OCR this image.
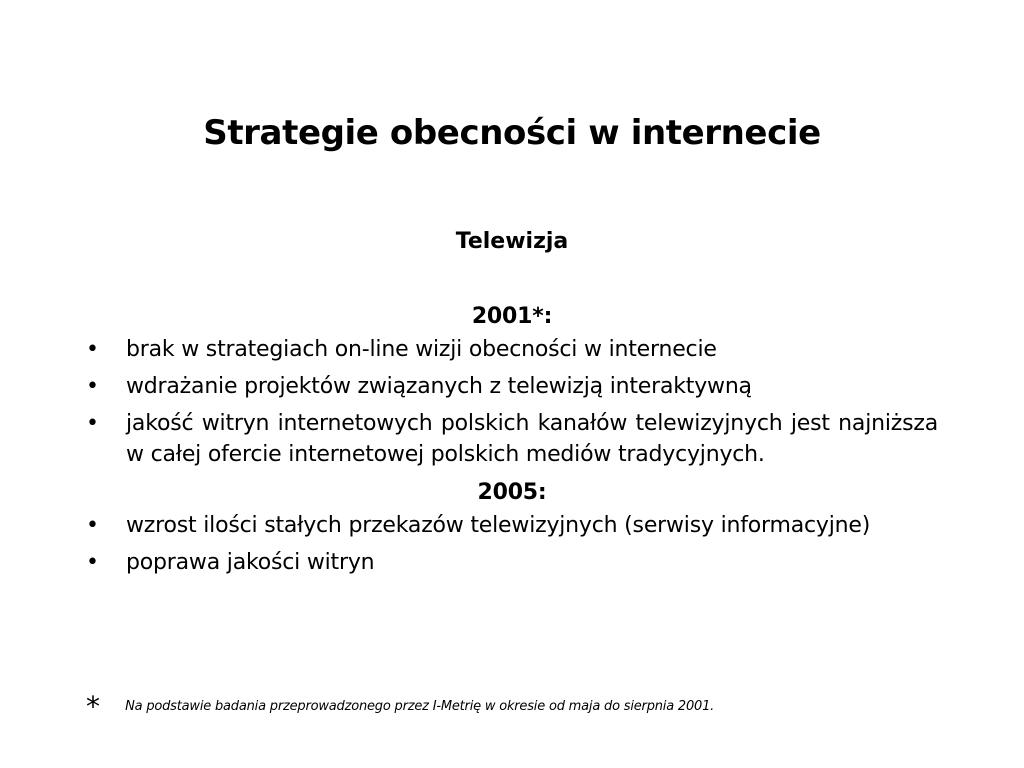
Strategie obecności w internecie
Telewizja
2001*:
•	brak w strategiach on-line wizji obecności w internecie
•	wdrażanie projektów związanych z telewizją interaktywną
•	jakość witryn internetowych polskich kanałów telewizyjnych jest najniższa w całej ofercie internetowej polskich mediów tradycyjnych.
2005:
•	wzrost ilości stałych przekazów telewizyjnych (serwisy informacyjne)
•	poprawa jakości witryn
* Na podstawie badania przeprowadzonego przez I-Metrię w okresie od maja do sierpnia 2001.
